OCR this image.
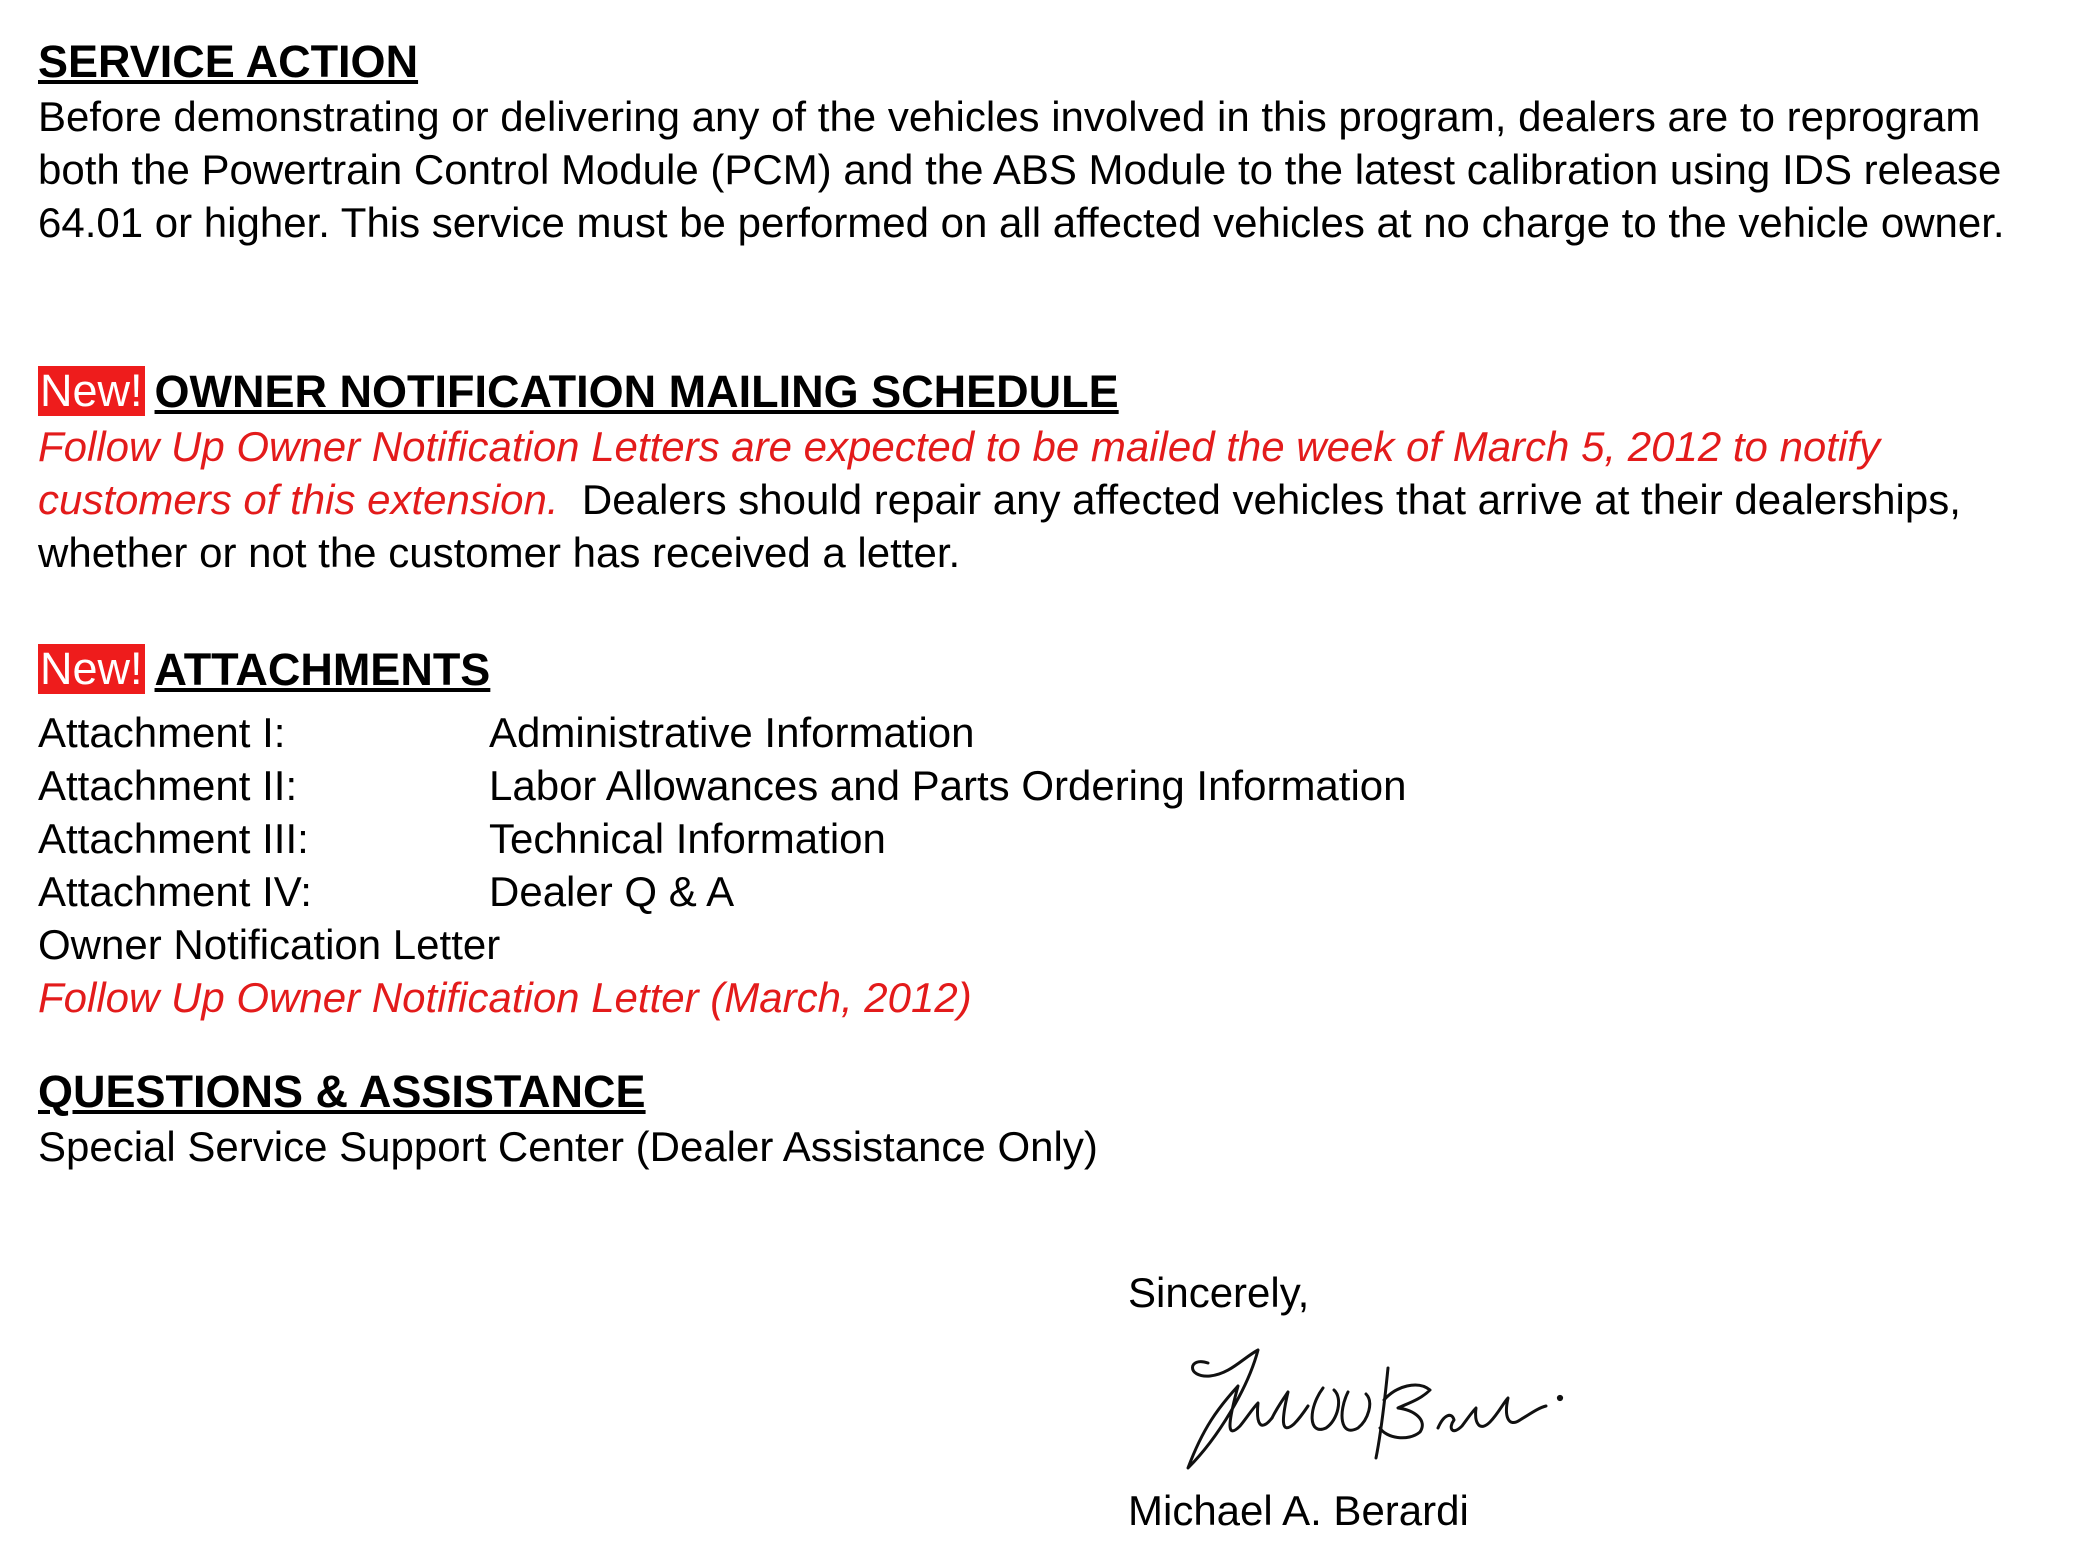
SERVICE ACTION

Before demonstrating or delivering any of the vehicles involved in this program, dealers are to reprogram both the Powertrain Control Module (PCM) and the ABS Module to the latest calibration using IDS release 64.01 or higher. This service must be performed on all affected vehicles at no charge to the vehicle owner.

New! OWNER NOTIFICATION MAILING SCHEDULE

Follow Up Owner Notification Letters are expected to be mailed the week of March 5, 2012 to notify customers of this extension.  Dealers should repair any affected vehicles that arrive at their dealerships, whether or not the customer has received a letter.

New! ATTACHMENTS
Attachment I:	Administrative Information
Attachment II:	Labor Allowances and Parts Ordering Information
Attachment III:	Technical Information
Attachment IV:	Dealer Q & A
Owner Notification Letter
Follow Up Owner Notification Letter (March, 2012)
QUESTIONS & ASSISTANCE

Special Service Support Center (Dealer Assistance Only)

Sincerely,
Michael A. Berardi
